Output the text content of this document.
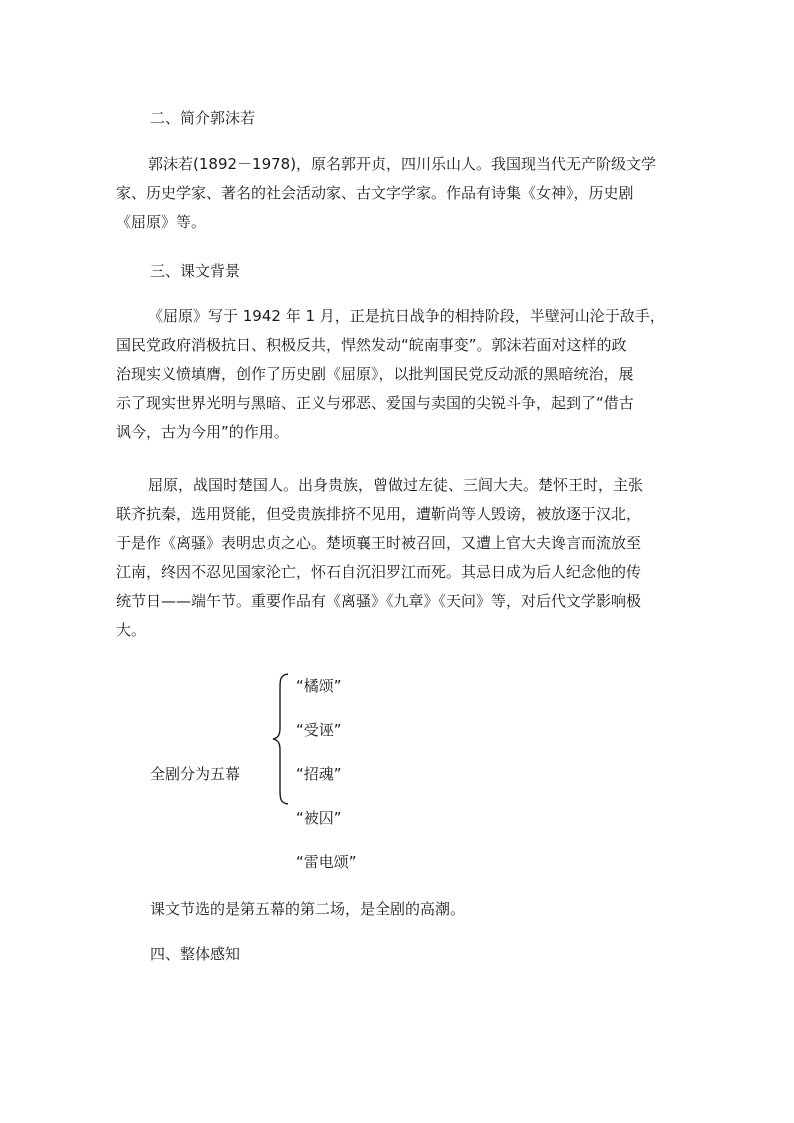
二、简介郭沫若
郭沫若(1892－1978)，原名郭开贞，四川乐山人。我国现当代无产阶级文学
家、历史学家、著名的社会活动家、古文字学家。作品有诗集《女神》，历史剧
《屈原》等。
三、课文背景
《屈原》写于 1942 年 1 月，正是抗日战争的相持阶段，半壁河山沦于敌手，
国民党政府消极抗日、积极反共，悍然发动“皖南事变”。郭沫若面对这样的政
治现实义愤填膺，创作了历史剧《屈原》，以批判国民党反动派的黑暗统治，展
示了现实世界光明与黑暗、正义与邪恶、爱国与卖国的尖锐斗争，起到了“借古
讽今，古为今用”的作用。
屈原，战国时楚国人。出身贵族，曾做过左徒、三闾大夫。楚怀王时，主张
联齐抗秦，选用贤能，但受贵族排挤不见用，遭靳尚等人毁谤，被放逐于汉北，
于是作《离骚》表明忠贞之心。楚顷襄王时被召回，又遭上官大夫谗言而流放至
江南，终因不忍见国家沦亡，怀石自沉汨罗江而死。其忌日成为后人纪念他的传
统节日——端午节。重要作品有《离骚》《九章》《天问》等，对后代文学影响极
大。
全剧分为五幕
“橘颂”
“受诬”
“招魂”
“被囚”
“雷电颂”
课文节选的是第五幕的第二场，是全剧的高潮。
四、整体感知
